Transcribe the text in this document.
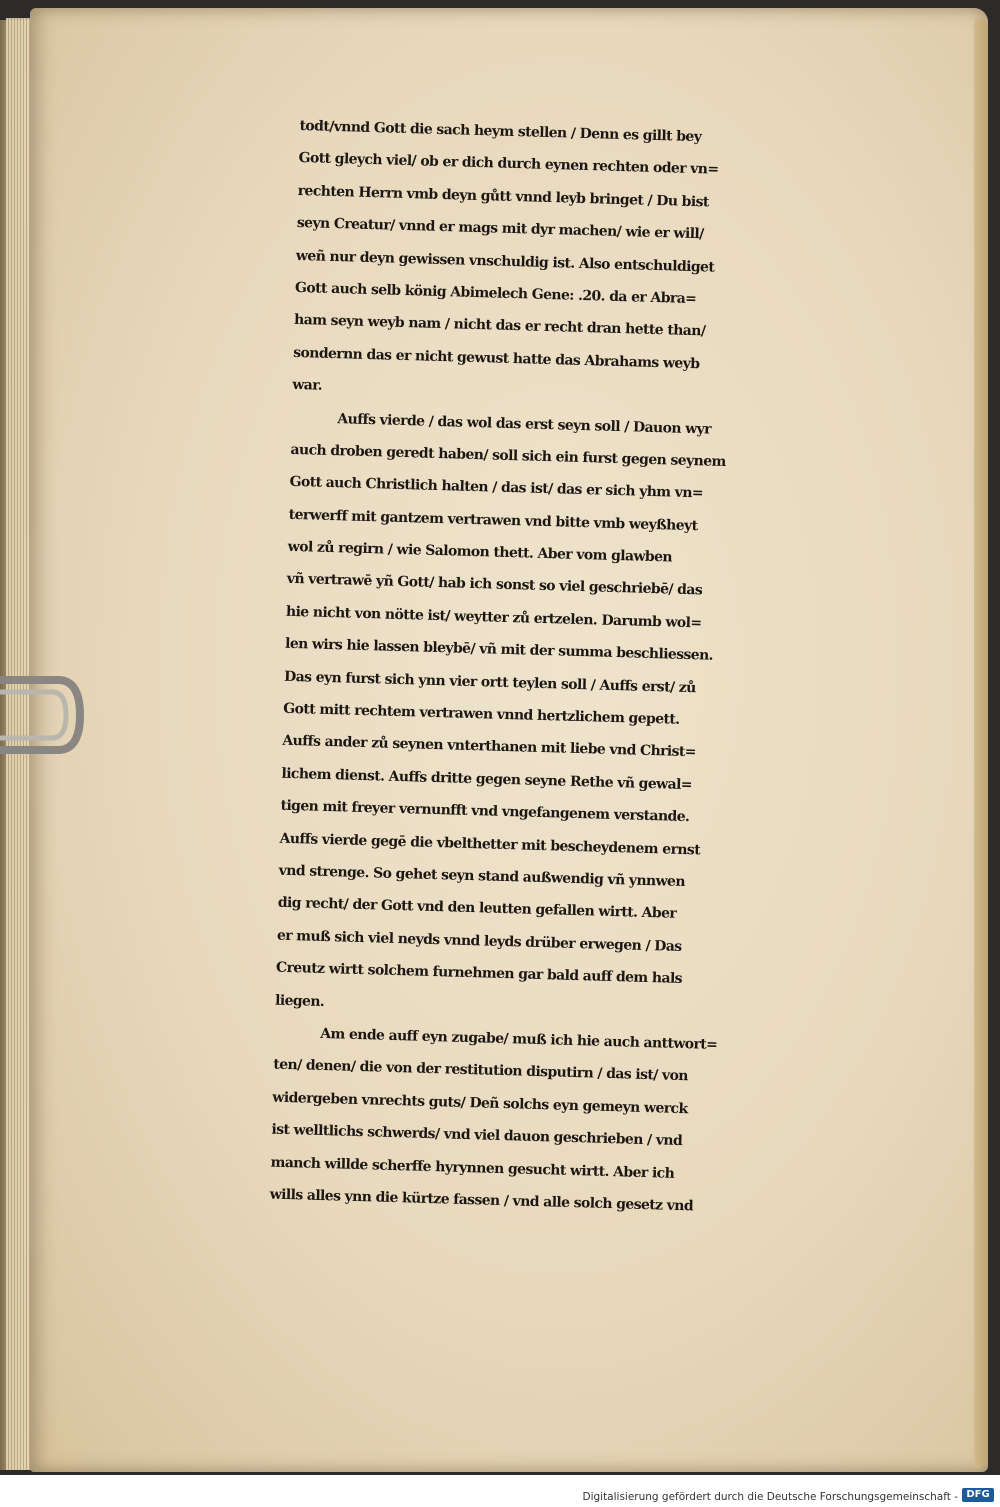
todt/vnnd Gott die sach heym stellen / Denn es gillt bey
Gott gleych viel/ ob er dich durch eynen rechten oder vn=
rechten Herrn vmb deyn gůtt vnnd leyb bringet / Du bist
seyn Creatur/ vnnd er mags mit dyr machen/ wie er will/
weñ nur deyn gewissen vnschuldig ist. Also entschuldiget
Gott auch selb könig Abimelech Gene: .20. da er Abra=
ham seyn weyb nam / nicht das er recht dran hette than/
sondernn das er nicht gewust hatte das Abrahams weyb
war.
Auffs vierde / das wol das erst seyn soll / Dauon wyr
auch droben geredt haben/ soll sich ein furst gegen seynem
Gott auch Christlich halten / das ist/ das er sich yhm vn=
terwerff mit gantzem vertrawen vnd bitte vmb weyßheyt
wol zů regirn / wie Salomon thett. Aber vom glawben
vñ vertrawē yñ Gott/ hab ich sonst so viel geschriebē/ das
hie nicht von nötte ist/ weytter zů ertzelen. Darumb wol=
len wirs hie lassen bleybē/ vñ mit der summa beschliessen.
Das eyn furst sich ynn vier ortt teylen soll / Auffs erst/ zů
Gott mitt rechtem vertrawen vnnd hertzlichem gepett.
Auffs ander zů seynen vnterthanen mit liebe vnd Christ=
lichem dienst. Auffs dritte gegen seyne Rethe vñ gewal=
tigen mit freyer vernunfft vnd vngefangenem verstande.
Auffs vierde gegē die vbelthetter mit bescheydenem ernst
vnd strenge. So gehet seyn stand außwendig vñ ynnwen
dig recht/ der Gott vnd den leutten gefallen wirtt. Aber
er muß sich viel neyds vnnd leyds drüber erwegen / Das
Creutz wirtt solchem furnehmen gar bald auff dem hals
liegen.
Am ende auff eyn zugabe/ muß ich hie auch anttwort=
ten/ denen/ die von der restitution disputirn / das ist/ von
widergeben vnrechts guts/ Deñ solchs eyn gemeyn werck
ist welltlichs schwerds/ vnd viel dauon geschrieben / vnd
manch willde scherffe hyrynnen gesucht wirtt. Aber ich
wills alles ynn die kürtze fassen / vnd alle solch gesetz vnd
Digitalisierung gefördert durch die Deutsche Forschungsgemeinschaft - DFG
